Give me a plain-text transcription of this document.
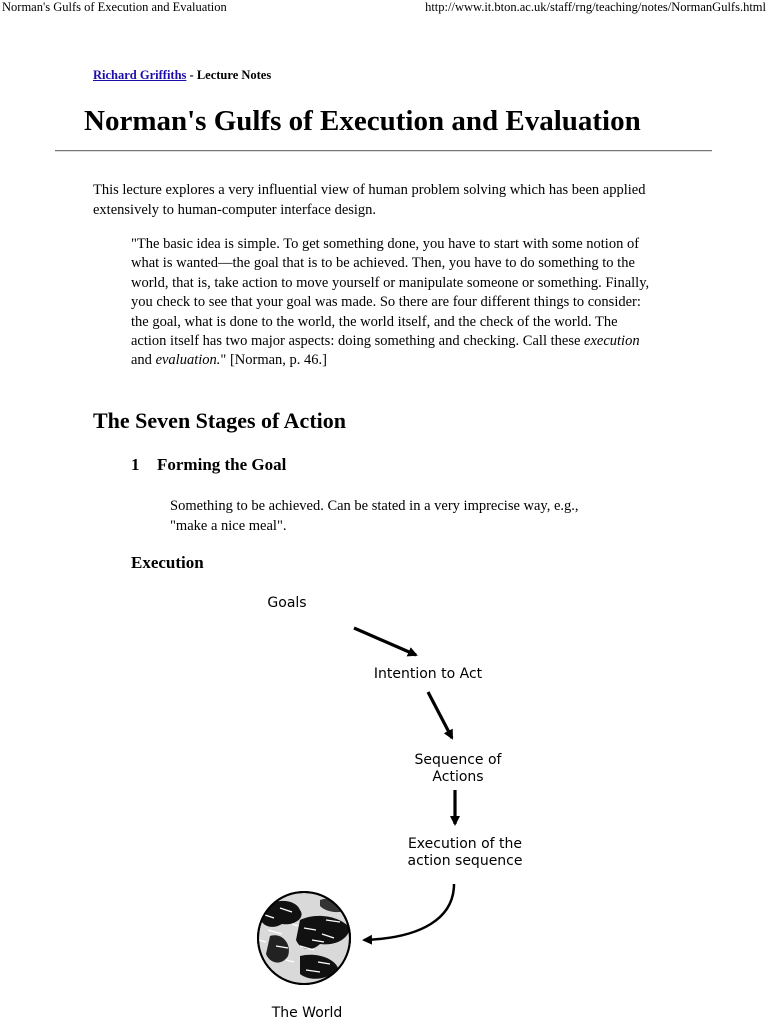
Norman's Gulfs of Execution and Evaluation	http://www.it.bton.ac.uk/staff/rng/teaching/notes/NormanGulfs.html
Richard Griffiths - Lecture Notes
Norman's Gulfs of Execution and Evaluation

This lecture explores a very influential view of human problem solving which has been applied extensively to human-computer interface design.

"The basic idea is simple. To get something done, you have to start with some notion of what is wanted—the goal that is to be achieved. Then, you have to do something to the world, that is, take action to move yourself or manipulate someone or something. Finally, you check to see that your goal was made. So there are four different things to consider: the goal, what is done to the world, the world itself, and the check of the world. The action itself has two major aspects: doing something and checking. Call these execution and evaluation." [Norman, p. 46.]
The Seven Stages of Action
1 Forming the Goal

Something to be achieved. Can be stated in a very imprecise way, e.g., "make a nice meal".

Execution
Goals
Intention to Act
Sequence of
Actions
Execution of the
action sequence
The World
